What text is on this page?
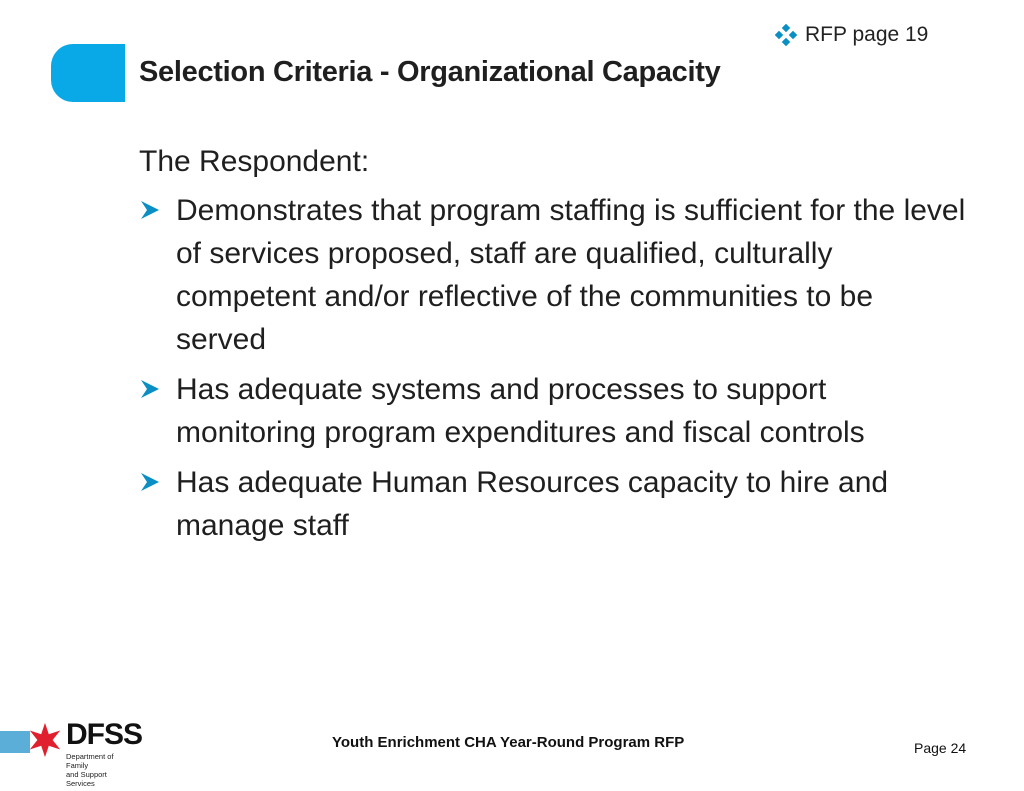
RFP page 19
Selection Criteria - Organizational Capacity

The Respondent:

Demonstrates that program staffing is sufficient for the level of services proposed, staff are qualified, culturally competent and/or reflective of the communities to be served
Has adequate systems and processes to support monitoring program expenditures and fiscal controls
Has adequate Human Resources capacity to hire and manage staff
DFSS
Department of Family
and Support Services
Youth Enrichment CHA Year-Round Program RFP	Page 24
